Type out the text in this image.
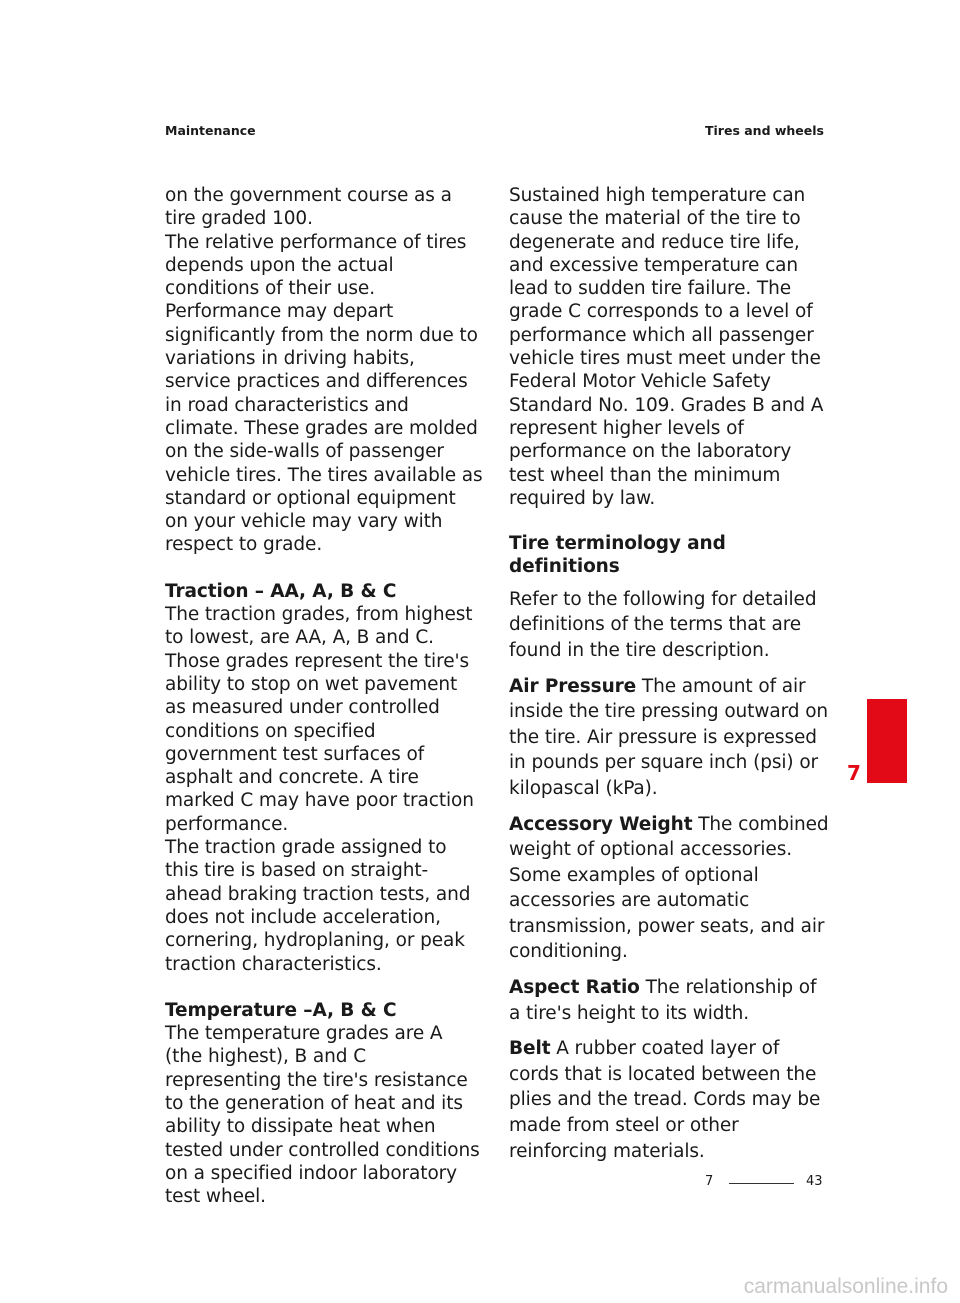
Maintenance	Tires and wheels

on the government course as a tire graded 100.

The relative performance of tires depends upon the actual conditions of their use. Performance may depart significantly from the norm due to variations in driving habits, service practices and differences in road characteristics and climate. These grades are molded on the side-walls of passenger vehicle tires. The tires available as standard or optional equipment on your vehicle may vary with respect to grade.

Traction – AA, A, B & C

The traction grades, from highest to lowest, are AA, A, B and C. Those grades represent the tire's ability to stop on wet pavement as measured under controlled conditions on specified government test surfaces of asphalt and concrete. A tire marked C may have poor traction performance.

The traction grade assigned to this tire is based on straight-ahead braking traction tests, and does not include acceleration, cornering, hydroplaning, or peak traction characteristics.

Temperature –A, B & C

The temperature grades are A (the highest), B and C representing the tire's resistance to the generation of heat and its ability to dissipate heat when tested under controlled conditions on a specified indoor laboratory test wheel.

Sustained high temperature can cause the material of the tire to degenerate and reduce tire life, and excessive temperature can lead to sudden tire failure. The grade C corresponds to a level of performance which all passenger vehicle tires must meet under the Federal Motor Vehicle Safety Standard No. 109. Grades B and A represent higher levels of performance on the laboratory test wheel than the minimum required by law.

Tire terminology and definitions

Refer to the following for detailed definitions of the terms that are found in the tire description.

Air Pressure The amount of air inside the tire pressing outward on the tire. Air pressure is expressed in pounds per square inch (psi) or kilopascal (kPa).

Accessory Weight The combined weight of optional accessories. Some examples of optional accessories are automatic transmission, power seats, and air conditioning.

Aspect Ratio The relationship of a tire's height to its width.

Belt A rubber coated layer of cords that is located between the plies and the tread. Cords may be made from steel or other reinforcing materials.

7
7	43
carmanualsonline.info
